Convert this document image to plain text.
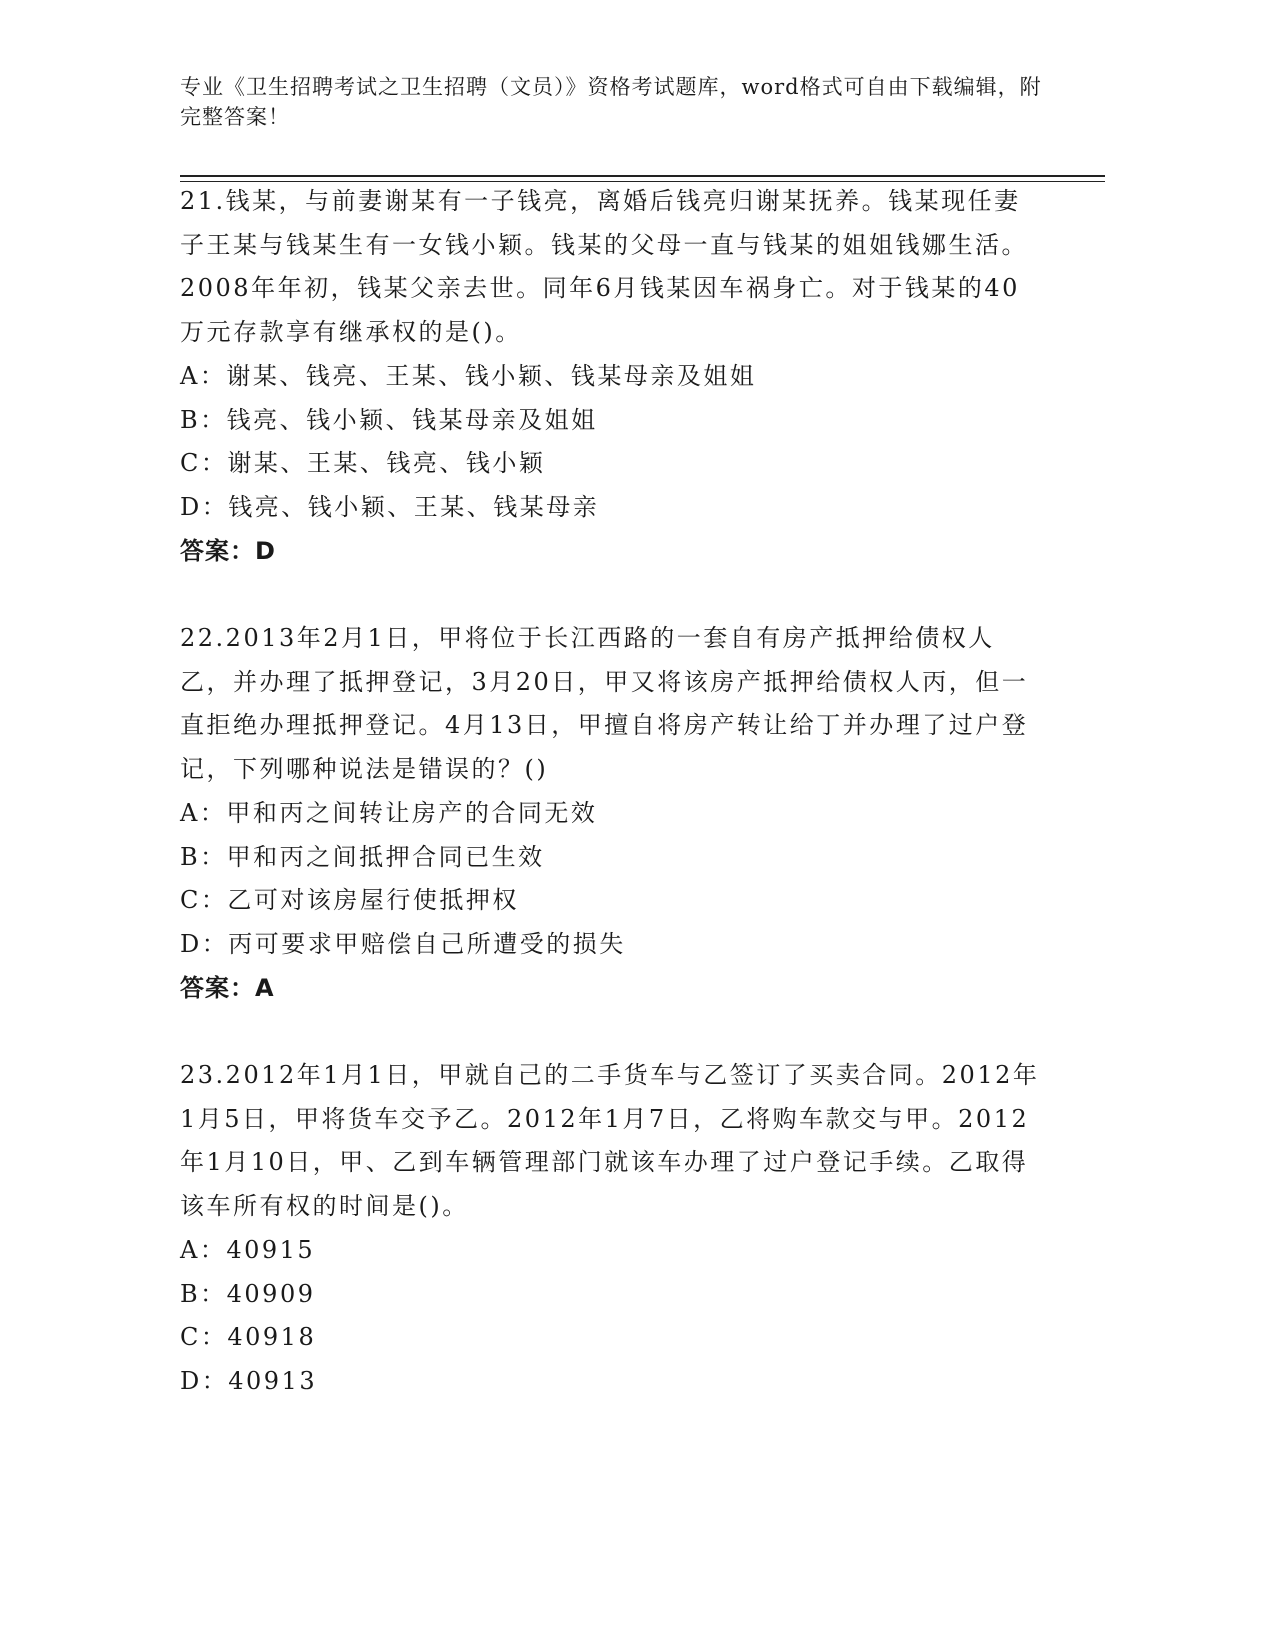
专业《卫生招聘考试之卫生招聘（文员）》资格考试题库，word格式可自由下载编辑，附完整答案！

21.钱某，与前妻谢某有一子钱亮，离婚后钱亮归谢某抚养。钱某现任妻子王某与钱某生有一女钱小颖。钱某的父母一直与钱某的姐姐钱娜生活。2008年年初，钱某父亲去世。同年6月钱某因车祸身亡。对于钱某的40万元存款享有继承权的是()。

A：谢某、钱亮、王某、钱小颖、钱某母亲及姐姐

B：钱亮、钱小颖、钱某母亲及姐姐

C：谢某、王某、钱亮、钱小颖

D：钱亮、钱小颖、王某、钱某母亲

答案：D

22.2013年2月1日，甲将位于长江西路的一套自有房产抵押给债权人乙，并办理了抵押登记，3月20日，甲又将该房产抵押给债权人丙，但一直拒绝办理抵押登记。4月13日，甲擅自将房产转让给丁并办理了过户登记，下列哪种说法是错误的？()

A：甲和丙之间转让房产的合同无效

B：甲和丙之间抵押合同已生效

C：乙可对该房屋行使抵押权

D：丙可要求甲赔偿自己所遭受的损失

答案：A

23.2012年1月1日，甲就自己的二手货车与乙签订了买卖合同。2012年1月5日，甲将货车交予乙。2012年1月7日，乙将购车款交与甲。2012年1月10日，甲、乙到车辆管理部门就该车办理了过户登记手续。乙取得该车所有权的时间是()。

A：40915

B：40909

C：40918

D：40913
